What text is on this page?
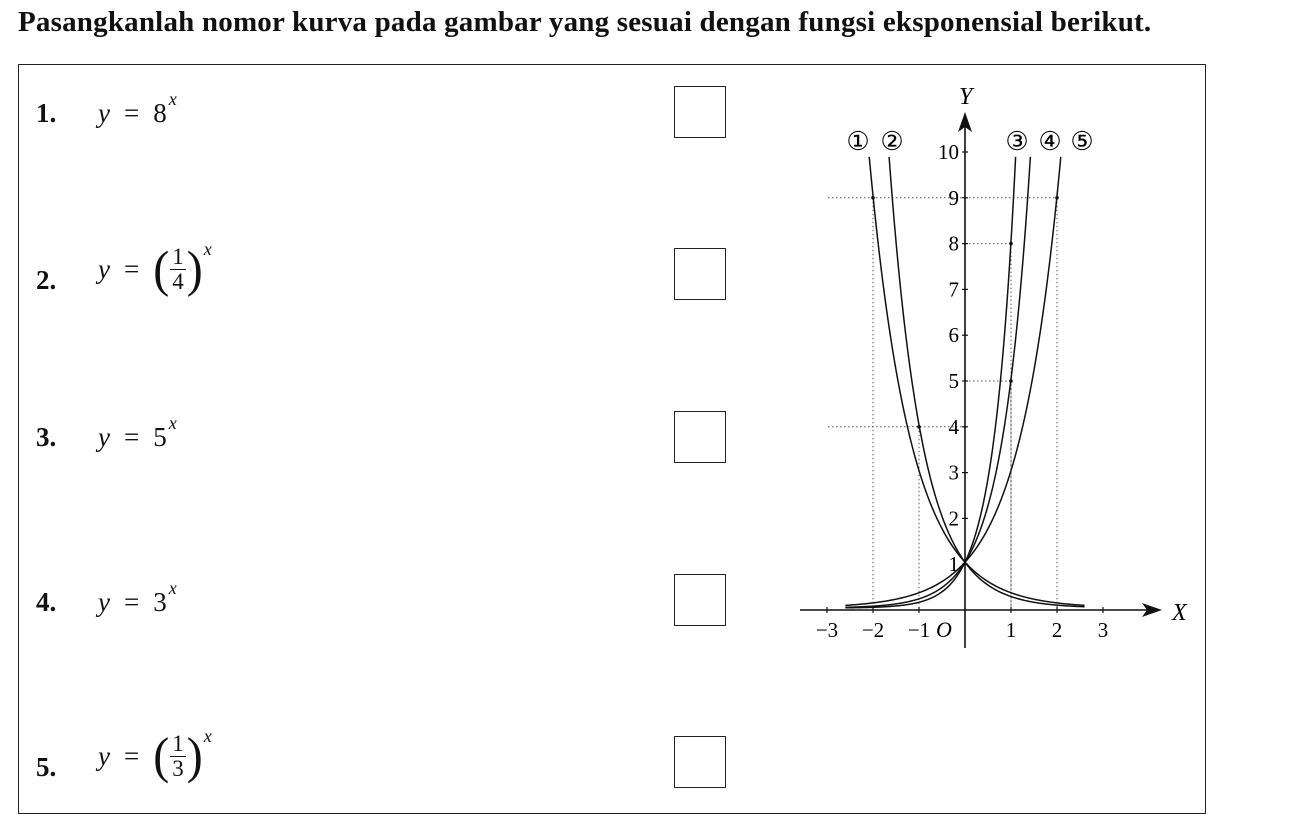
Pasangkanlah nomor kurva pada gambar yang sesuai dengan fungsi eksponensial berikut.
1. y = 8 x
2. y = ( $\frac{1}{4}$ ) x
3. y = 5 x
4. y = 3 x
5. y = ( $\frac{1}{3}$ ) x
X
Y
O
−3 −2 −1	1 2 3
1
2
3
4
5
6
7
8
9
10
① ②	③ ④ ⑤
